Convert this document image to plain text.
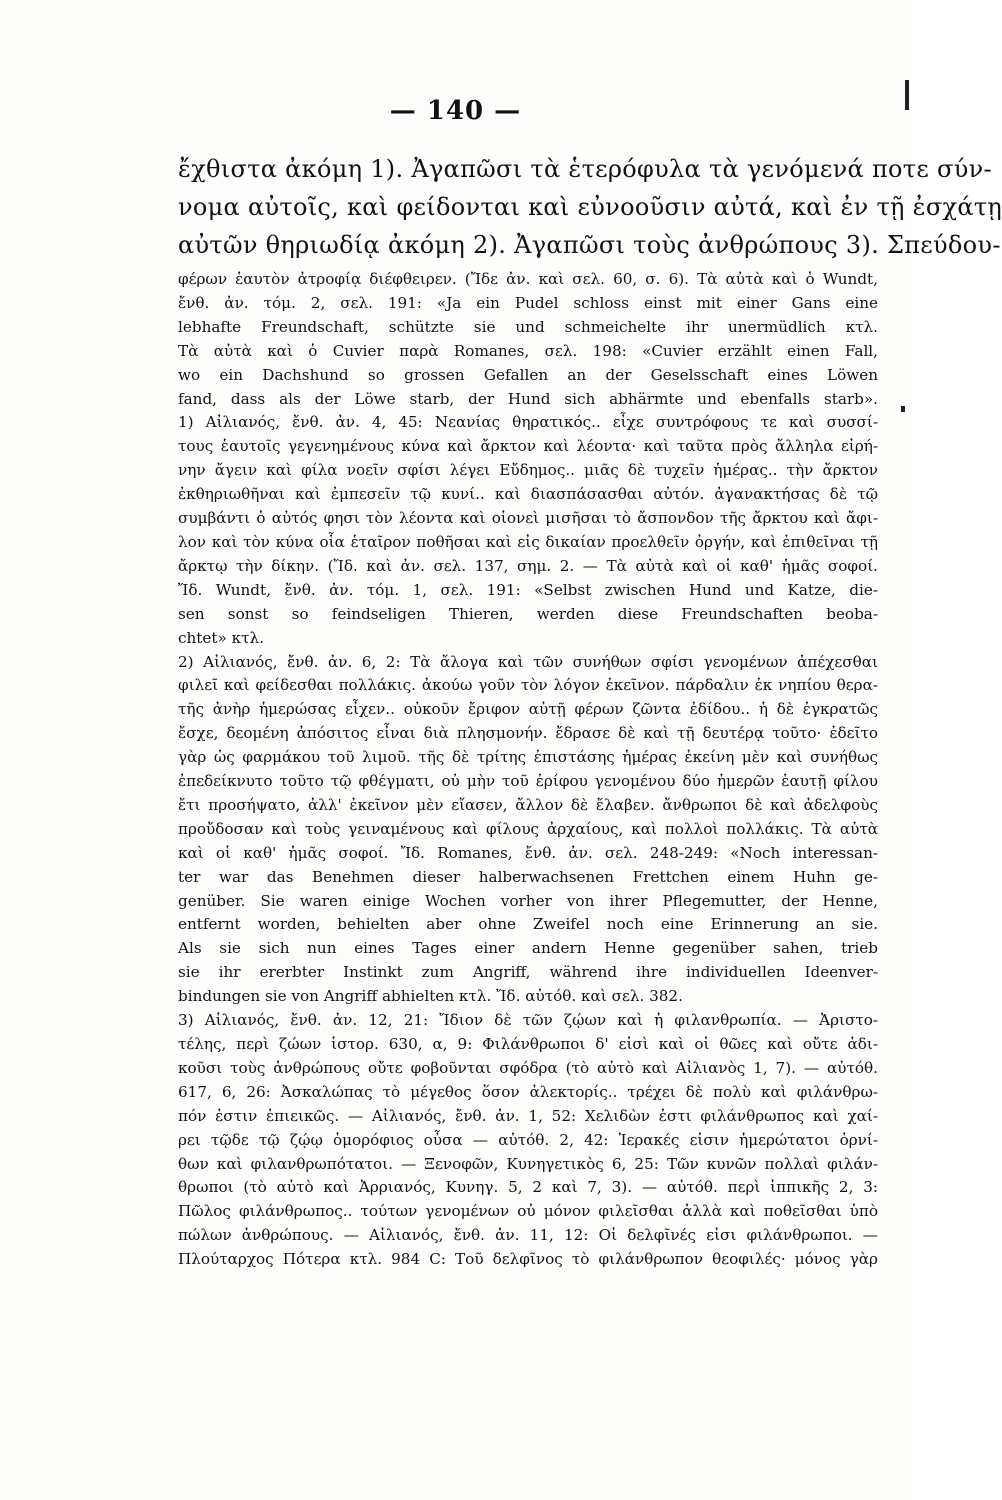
— 140 —
ἔχθιστα ἀκόμη 1). Ἀγαπῶσι τὰ ἑτερόφυλα τὰ γενόμενά ποτε σύν-
νομα αὐτοῖς, καὶ φείδονται καὶ εὐνοοῦσιν αὐτά, καὶ ἐν τῇ ἐσχάτῃ
αὐτῶν θηριωδίᾳ ἀκόμη 2). Ἀγαπῶσι τοὺς ἀνθρώπους 3). Σπεύδου-
φέρων ἑαυτὸν ἀτροφίᾳ διέφθειρεν. (Ἴδε ἀν. καὶ σελ. 60, σ. 6). Τὰ αὐτὰ καὶ ὁ Wundt,
ἔνθ. ἀν. τόμ. 2, σελ. 191: «Ja ein Pudel schloss einst mit einer Gans eine
lebhafte Freundschaft, schützte sie und schmeichelte ihr unermüdlich κτλ.
Τὰ αὐτὰ καὶ ὁ Cuvier παρὰ Romanes, σελ. 198: «Cuvier erzählt einen Fall,
wo ein Dachshund so grossen Gefallen an der Geselsschaft eines Löwen
fand, dass als der Löwe starb, der Hund sich abhärmte und ebenfalls starb».
1) Αἰλιανός, ἔνθ. ἀν. 4, 45: Νεανίας θηρατικός.. εἶχε συντρόφους τε καὶ συσσί-
τους ἑαυτοῖς γεγενημένους κύνα καὶ ἄρκτον καὶ λέοντα· καὶ ταῦτα πρὸς ἄλληλα εἰρή-
νην ἄγειν καὶ φίλα νοεῖν σφίσι λέγει Εὔδημος.. μιᾶς δὲ τυχεῖν ἡμέρας.. τὴν ἄρκτον
ἐκθηριωθῆναι καὶ ἐμπεσεῖν τῷ κυνί.. καὶ διασπάσασθαι αὐτόν. ἀγανακτήσας δὲ τῷ
συμβάντι ὁ αὐτός φησι τὸν λέοντα καὶ οἱονεὶ μισῆσαι τὸ ἄσπονδον τῆς ἄρκτου καὶ ἄφι-
λον καὶ τὸν κύνα οἷα ἑταῖρον ποθῆσαι καὶ εἰς δικαίαν προελθεῖν ὀργήν, καὶ ἐπιθεῖναι τῇ
ἄρκτῳ τὴν δίκην. (Ἴδ. καὶ ἀν. σελ. 137, σημ. 2. — Τὰ αὐτὰ καὶ οἱ καθ' ἡμᾶς σοφοί.
Ἴδ. Wundt, ἔνθ. ἀν. τόμ. 1, σελ. 191: «Selbst zwischen Hund und Katze, die-
sen sonst so feindseligen Thieren, werden diese Freundschaften beoba-
chtet» κτλ.
2) Αἰλιανός, ἔνθ. ἀν. 6, 2: Τὰ ἄλογα καὶ τῶν συνήθων σφίσι γενομένων ἀπέχεσθαι
φιλεῖ καὶ φείδεσθαι πολλάκις. ἀκούω γοῦν τὸν λόγον ἐκεῖνον. πάρδαλιν ἐκ νηπίου θερα-
τῆς ἀνὴρ ἡμερώσας εἶχεν.. οὐκοῦν ἔριφον αὐτῇ φέρων ζῶντα ἐδίδου.. ἡ δὲ ἐγκρατῶς
ἔσχε, δεομένη ἀπόσιτος εἶναι διὰ πλησμονήν. ἔδρασε δὲ καὶ τῇ δευτέρᾳ τοῦτο· ἐδεῖτο
γὰρ ὡς φαρμάκου τοῦ λιμοῦ. τῆς δὲ τρίτης ἐπιστάσης ἡμέρας ἐκείνη μὲν καὶ συνήθως
ἐπεδείκνυτο τοῦτο τῷ φθέγματι, οὐ μὴν τοῦ ἐρίφου γενομένου δύο ἡμερῶν ἑαυτῇ φίλου
ἔτι προσήψατο, ἀλλ' ἐκεῖνον μὲν εἴασεν, ἄλλον δὲ ἔλαβεν. ἄνθρωποι δὲ καὶ ἀδελφοὺς
προὔδοσαν καὶ τοὺς γειναμένους καὶ φίλους ἀρχαίους, καὶ πολλοὶ πολλάκις. Τὰ αὐτὰ
καὶ οἱ καθ' ἡμᾶς σοφοί. Ἴδ. Romanes, ἔνθ. ἀν. σελ. 248-249: «Noch interessan-
ter war das Benehmen dieser halberwachsenen Frettchen einem Huhn ge-
genüber. Sie waren einige Wochen vorher von ihrer Pflegemutter, der Henne,
entfernt worden, behielten aber ohne Zweifel noch eine Erinnerung an sie.
Als sie sich nun eines Tages einer andern Henne gegenüber sahen, trieb
sie ihr ererbter Instinkt zum Angriff, während ihre individuellen Ideenver-
bindungen sie von Angriff abhielten κτλ. Ἴδ. αὐτόθ. καὶ σελ. 382.
3) Αἰλιανός, ἔνθ. ἀν. 12, 21: Ἴδιον δὲ τῶν ζῴων καὶ ἡ φιλανθρωπία. — Ἀριστο-
τέλης, περὶ ζώων ἱστορ. 630, α, 9: Φιλάνθρωποι δ' εἰσὶ καὶ οἱ θῶες καὶ οὔτε ἀδι-
κοῦσι τοὺς ἀνθρώπους οὔτε φοβοῦνται σφόδρα (τὸ αὐτὸ καὶ Αἰλιανὸς 1, 7). — αὐτόθ.
617, 6, 26: Ἀσκαλώπας τὸ μέγεθος ὅσον ἀλεκτορίς.. τρέχει δὲ πολὺ καὶ φιλάνθρω-
πόν ἐστιν ἐπιεικῶς. — Αἰλιανός, ἔνθ. ἀν. 1, 52: Χελιδὼν ἐστι φιλάνθρωπος καὶ χαί-
ρει τῷδε τῷ ζῴῳ ὁμορόφιος οὖσα — αὐτόθ. 2, 42: Ἱερακές εἰσιν ἡμερώτατοι ὀρνί-
θων καὶ φιλανθρωπότατοι. — Ξενοφῶν, Κυνηγετικὸς 6, 25: Τῶν κυνῶν πολλαὶ φιλάν-
θρωποι (τὸ αὐτὸ καὶ Ἀρριανός, Κυνηγ. 5, 2 καὶ 7, 3). — αὐτόθ. περὶ ἱππικῆς 2, 3:
Πῶλος φιλάνθρωπος.. τούτων γενομένων οὐ μόνον φιλεῖσθαι ἀλλὰ καὶ ποθεῖσθαι ὑπὸ
πώλων ἀνθρώπους. — Αἰλιανός, ἔνθ. ἀν. 11, 12: Οἱ δελφῖνές εἰσι φιλάνθρωποι. —
Πλούταρχος Πότερα κτλ. 984 C: Τοῦ δελφῖνος τὸ φιλάνθρωπον θεοφιλές· μόνος γὰρ
